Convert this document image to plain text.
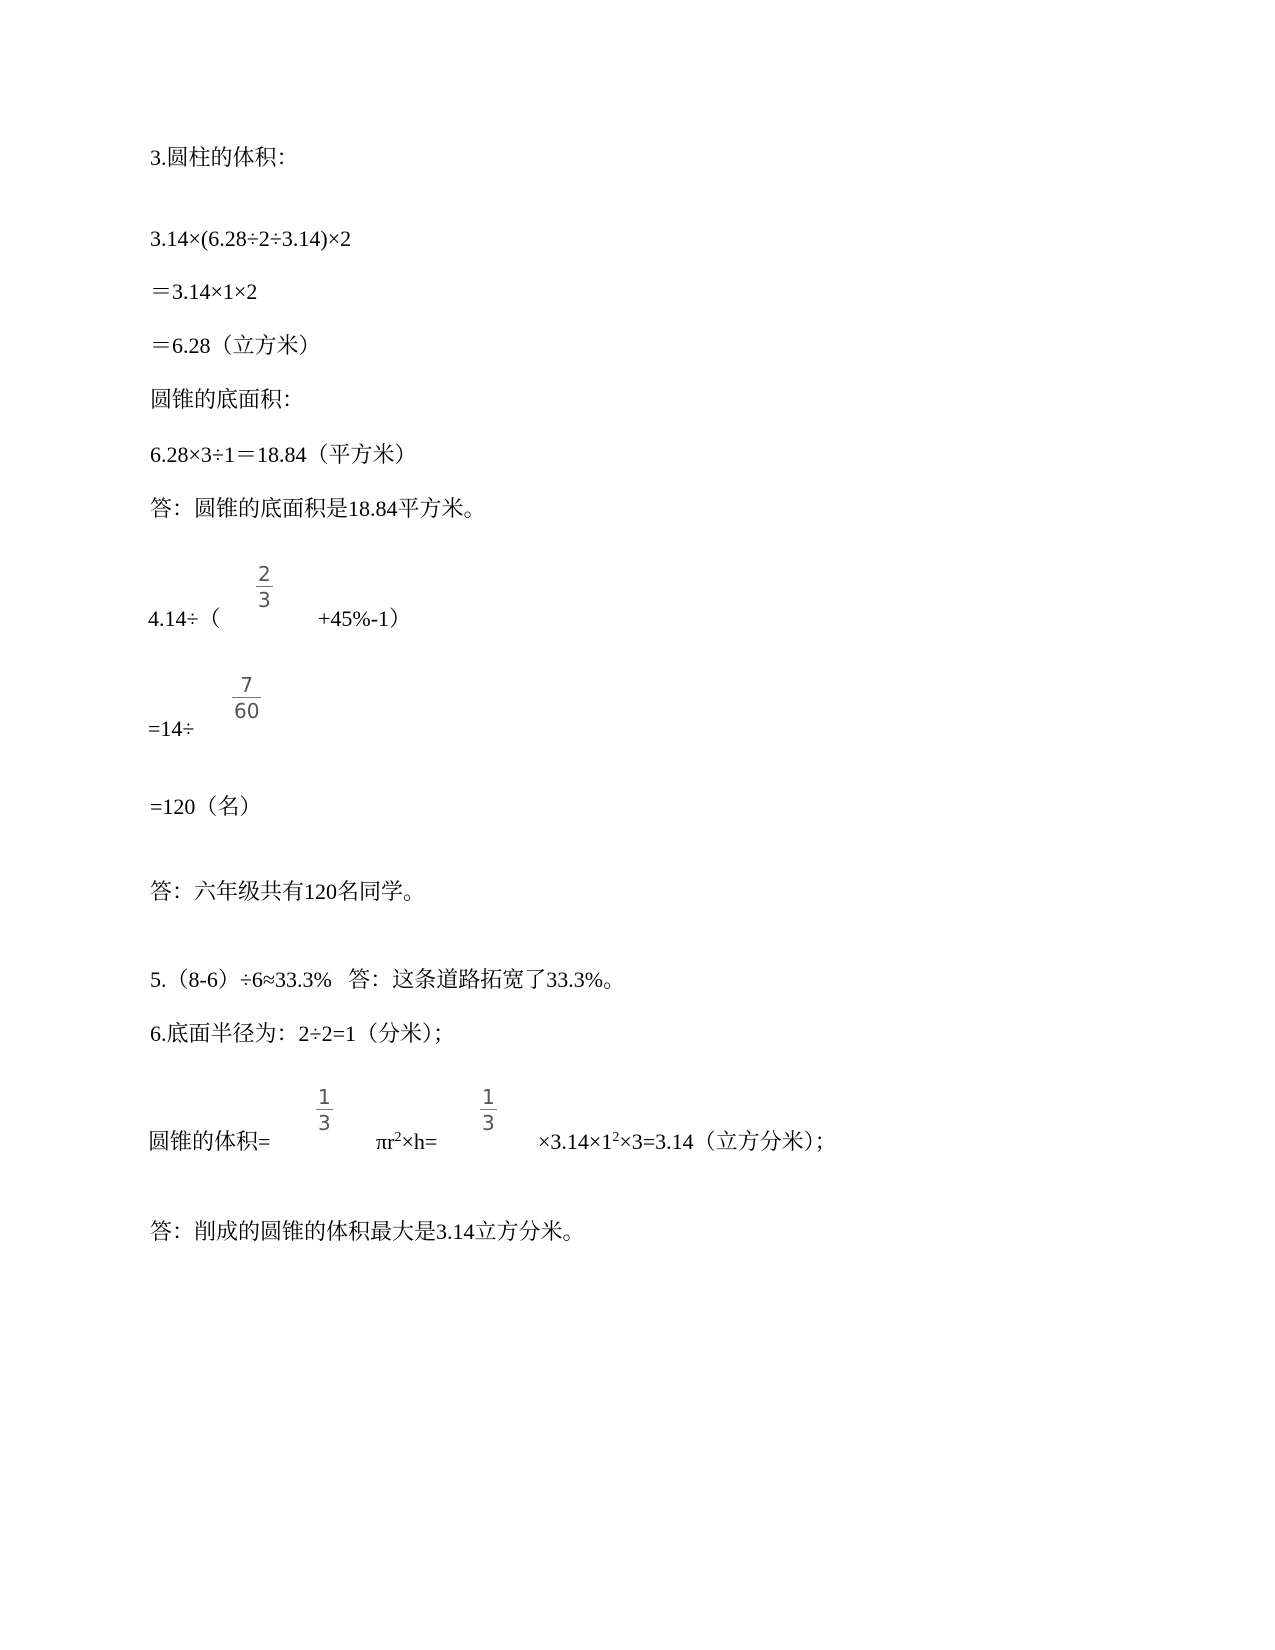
3.圆柱的体积：
3.14×(6.28÷2÷3.14)×2
＝3.14×1×2
＝6.28（立方米）
圆锥的底面积：
6.28×3÷1＝18.84（平方米）
答：圆锥的底面积是18.84平方米。
4.14÷（
2
3
+45%-1）
=14÷
7
60
=120（名）
答：六年级共有120名同学。
5.（8-6）÷6≈33.3%   答：这条道路拓宽了33.3%。
6.底面半径为：2÷2=1（分米）；
圆锥的体积=
1
3
$\pi r^2\times h=$
1
3
$\times 3.14\times 1^2\times 3=3.14$（立方分米）；
答：削成的圆锥的体积最大是3.14立方分米。
